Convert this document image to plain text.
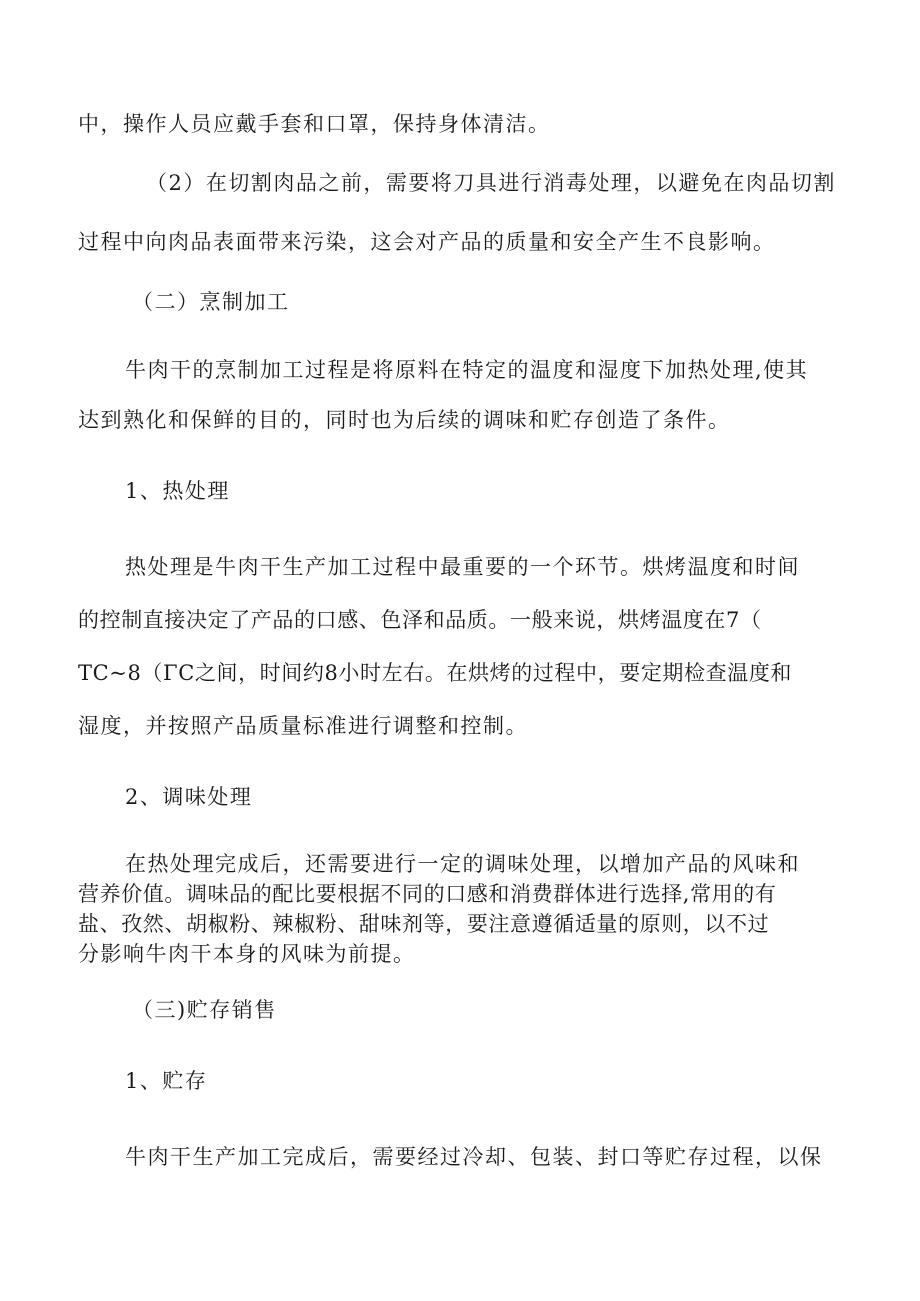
中，操作人员应戴手套和口罩，保持身体清洁。
（2）在切割肉品之前，需要将刀具进行消毒处理，以避免在肉品切割
过程中向肉品表面带来污染，这会对产品的质量和安全产生不良影响。
（二）烹制加工
牛肉干的烹制加工过程是将原料在特定的温度和湿度下加热处理,使其
达到熟化和保鲜的目的，同时也为后续的调味和贮存创造了条件。
1、热处理
热处理是牛肉干生产加工过程中最重要的一个环节。烘烤温度和时间
的控制直接决定了产品的口感、色泽和品质。一般来说，烘烤温度在7（
TC~8（ΓC之间，时间约8小时左右。在烘烤的过程中，要定期检查温度和
湿度，并按照产品质量标准进行调整和控制。
2、调味处理
在热处理完成后，还需要进行一定的调味处理，以增加产品的风味和
营养价值。调味品的配比要根据不同的口感和消费群体进行选择,常用的有
盐、孜然、胡椒粉、辣椒粉、甜味剂等，要注意遵循适量的原则，以不过
分影响牛肉干本身的风味为前提。
（三)贮存销售
1、贮存
牛肉干生产加工完成后，需要经过冷却、包装、封口等贮存过程，以保
